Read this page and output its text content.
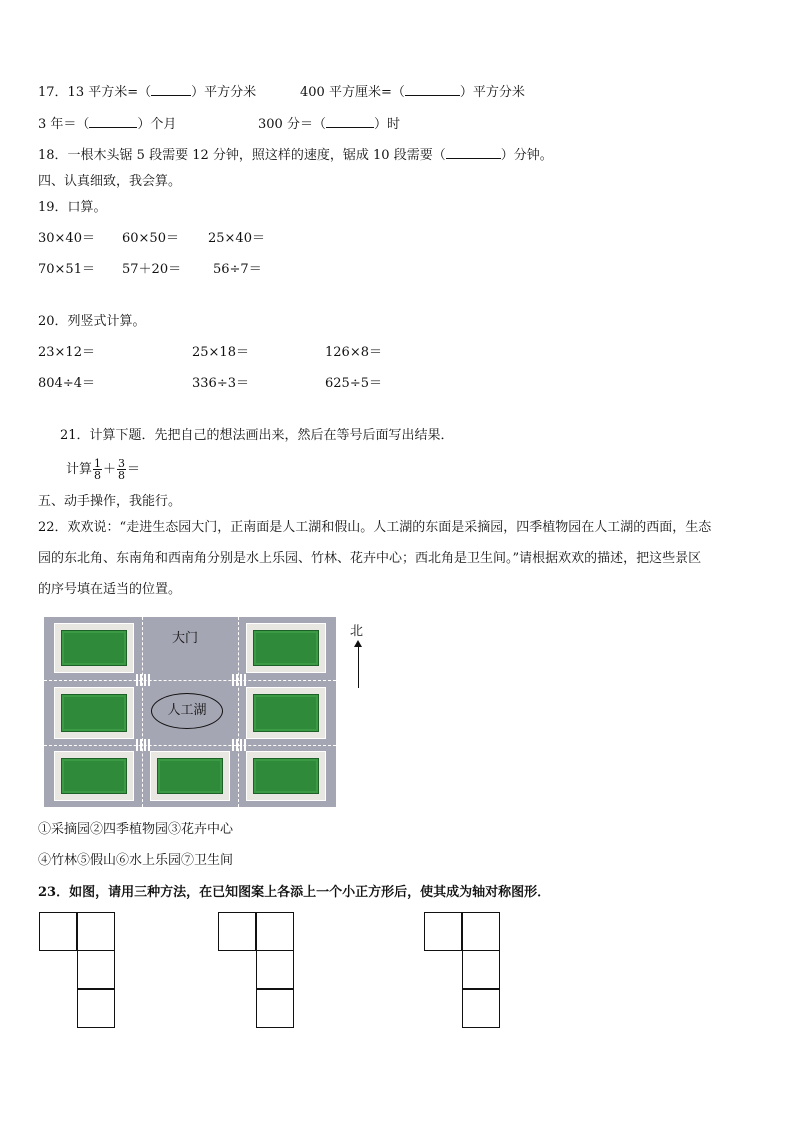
17．13 平方米=（	）平方分米	400 平方厘米=（	）平方分米
3 年＝（	）个月	300 分＝（	）时
18．一根木头锯 5 段需要 12 分钟，照这样的速度，锯成 10 段需要（	）分钟。
四、认真细致，我会算。
19．口算。
30×40＝ 60×50＝ 25×40＝
70×51＝ 57＋20＝ 56÷7＝
20．列竖式计算。
23×12＝	25×18＝	126×8＝
804÷4＝	336÷3＝	625÷5＝
21．计算下题．先把自己的想法画出来，然后在等号后面写出结果．
计算 $\frac{1}{8} + \frac{3}{8}$ ＝
五、动手操作，我能行。
22．欢欢说：“走进生态园大门，正南面是人工湖和假山。人工湖的东面是采摘园，四季植物园在人工湖的西面，生态
园的东北角、东南角和西南角分别是水上乐园、竹林、花卉中心；西北角是卫生间。”请根据欢欢的描述，把这些景区
的序号填在适当的位置。
大门
人工湖
北
①采摘园②四季植物园③花卉中心
④竹林⑤假山⑥水上乐园⑦卫生间
23．如图，请用三种方法，在已知图案上各添上一个小正方形后，使其成为轴对称图形．
